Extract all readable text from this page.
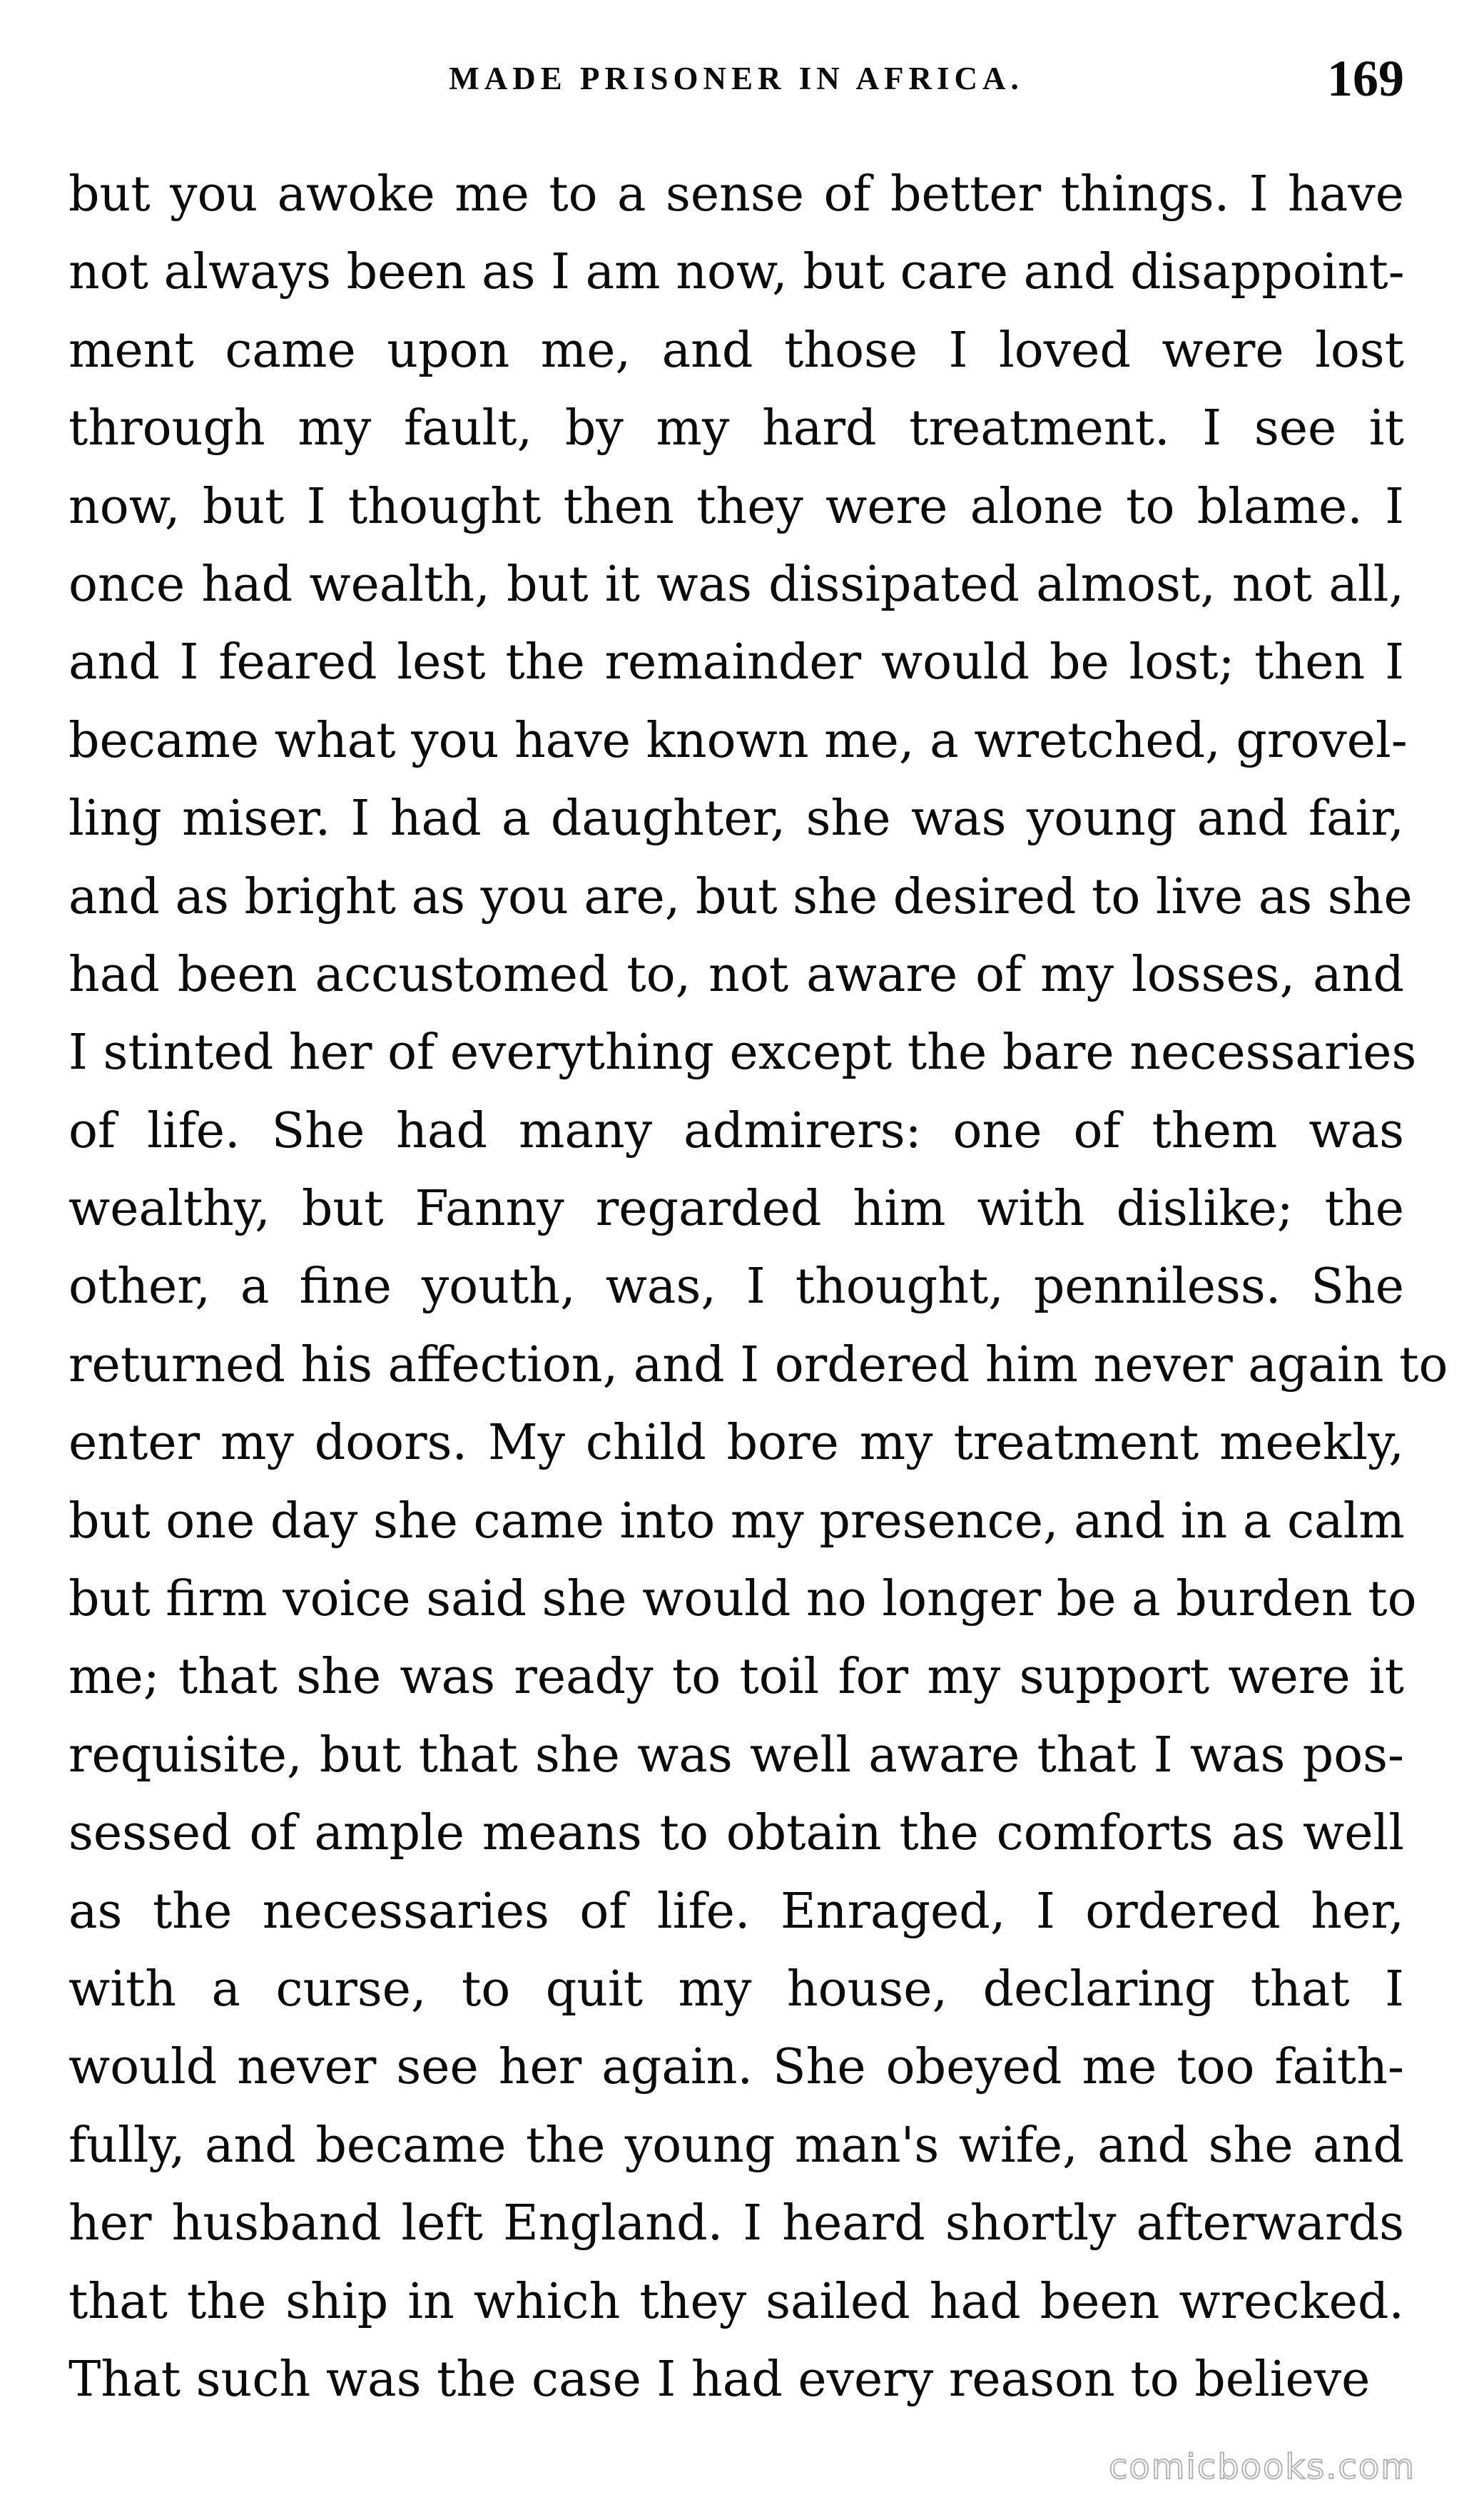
MADE PRISONER IN AFRICA.	169
but you awoke me to a sense of better things. I have
not always been as I am now, but care and disappoint-
ment came upon me, and those I loved were lost
through my fault, by my hard treatment. I see it
now, but I thought then they were alone to blame. I
once had wealth, but it was dissipated almost, not all,
and I feared lest the remainder would be lost; then I
became what you have known me, a wretched, grovel-
ling miser. I had a daughter, she was young and fair,
and as bright as you are, but she desired to live as she
had been accustomed to, not aware of my losses, and
I stinted her of everything except the bare necessaries
of life. She had many admirers: one of them was
wealthy, but Fanny regarded him with dislike; the
other, a fine youth, was, I thought, penniless. She
returned his affection, and I ordered him never again to
enter my doors. My child bore my treatment meekly,
but one day she came into my presence, and in a calm
but firm voice said she would no longer be a burden to
me; that she was ready to toil for my support were it
requisite, but that she was well aware that I was pos-
sessed of ample means to obtain the comforts as well
as the necessaries of life. Enraged, I ordered her,
with a curse, to quit my house, declaring that I
would never see her again. She obeyed me too faith-
fully, and became the young man's wife, and she and
her husband left England. I heard shortly afterwards
that the ship in which they sailed had been wrecked.
That such was the case I had every reason to believe
comicbooks.com
